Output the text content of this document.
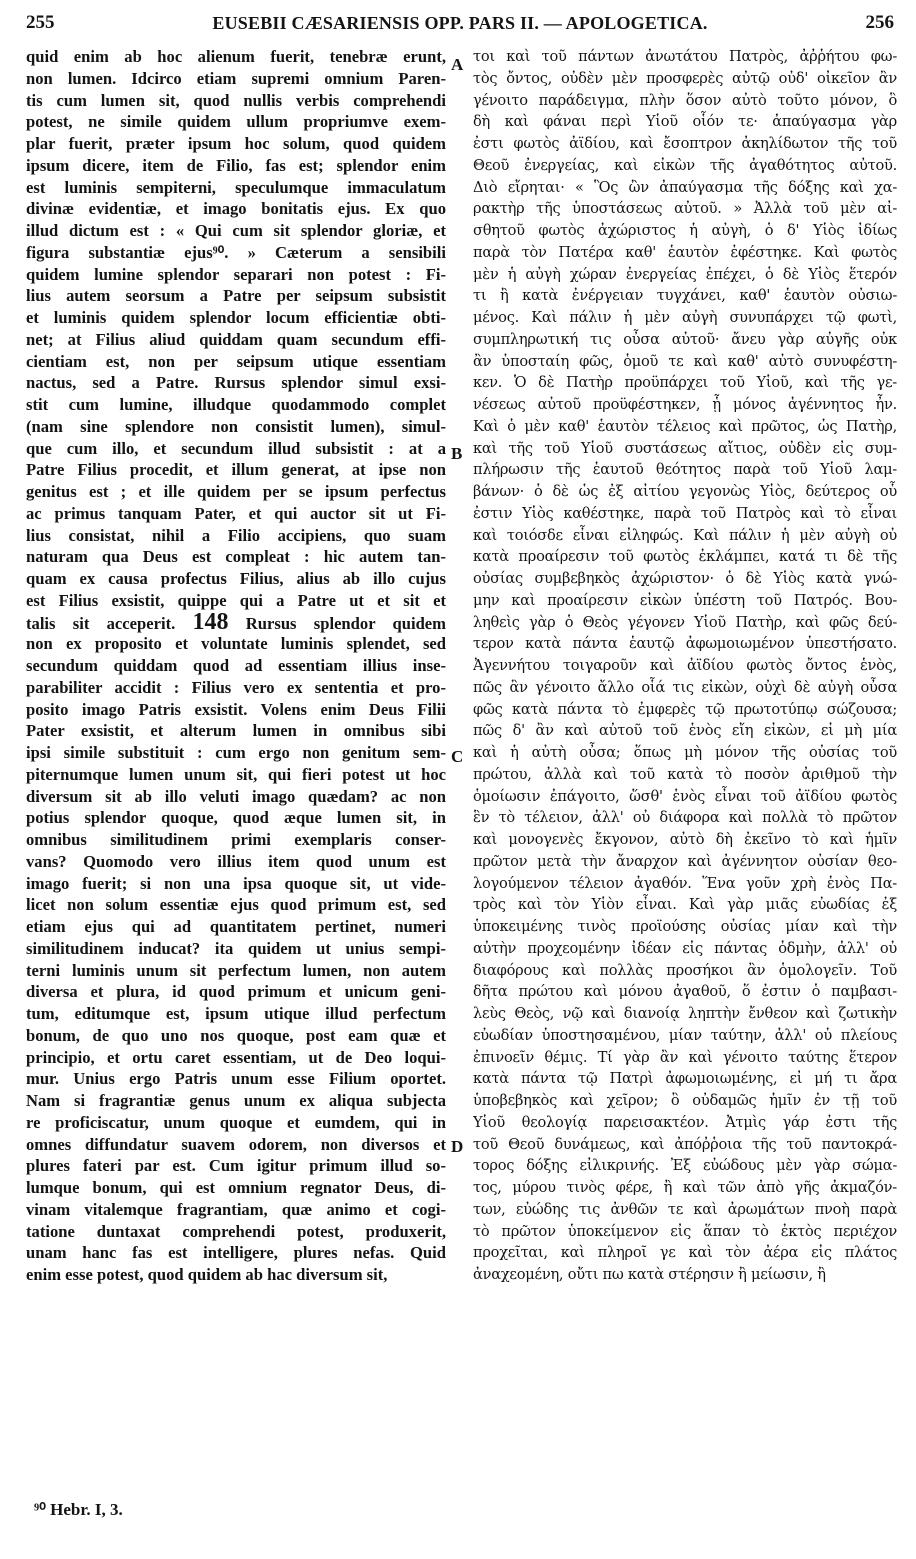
255	EUSEBII CÆSARIENSIS OPP. PARS II. — APOLOGETICA.	256
quid enim ab hoc alienum fuerit, tenebræ erunt,
non lumen. Idcirco etiam supremi omnium Paren-
tis cum lumen sit, quod nullis verbis comprehendi
potest, ne simile quidem ullum propriumve exem-
plar fuerit, præter ipsum hoc solum, quod quidem
ipsum dicere, item de Filio, fas est; splendor enim
est luminis sempiterni, speculumque immaculatum
divinæ evidentiæ, et imago bonitatis ejus. Ex quo
illud dictum est : « Qui cum sit splendor gloriæ, et
figura substantiæ ejus⁹⁰. » Cæterum a sensibili
quidem lumine splendor separari non potest : Fi-
lius autem seorsum a Patre per seipsum subsistit
et luminis quidem splendor locum efficientiæ obti-
net; at Filius aliud quiddam quam secundum effi-
cientiam est, non per seipsum utique essentiam
nactus, sed a Patre. Rursus splendor simul exsi-
stit cum lumine, illudque quodammodo complet
(nam sine splendore non consistit lumen), simul-
que cum illo, et secundum illud subsistit : at a
Patre Filius procedit, et illum generat, at ipse non
genitus est ; et ille quidem per se ipsum perfectus
ac primus tanquam Pater, et qui auctor sit ut Fi-
lius consistat, nihil a Filio accipiens, quo suam
naturam qua Deus est compleat : hic autem tan-
quam ex causa profectus Filius, alius ab illo cujus
est Filius exsistit, quippe qui a Patre ut et sit et
talis sit acceperit. 148 Rursus splendor quidem
non ex proposito et voluntate luminis splendet, sed
secundum quiddam quod ad essentiam illius inse-
parabiliter accidit : Filius vero ex sententia et pro-
posito imago Patris exsistit. Volens enim Deus Filii
Pater exsistit, et alterum lumen in omnibus sibi
ipsi simile substituit : cum ergo non genitum sem-
piternumque lumen unum sit, qui fieri potest ut hoc
diversum sit ab illo veluti imago quædam? ac non
potius splendor quoque, quod æque lumen sit, in
omnibus similitudinem primi exemplaris conser-
vans? Quomodo vero illius item quod unum est
imago fuerit; si non una ipsa quoque sit, ut vide-
licet non solum essentiæ ejus quod primum est, sed
etiam ejus qui ad quantitatem pertinet, numeri
similitudinem inducat? ita quidem ut unius sempi-
terni luminis unum sit perfectum lumen, non autem
diversa et plura, id quod primum et unicum geni-
tum, editumque est, ipsum utique illud perfectum
bonum, de quo uno nos quoque, post eam quæ et
principio, et ortu caret essentiam, ut de Deo loqui-
mur. Unius ergo Patris unum esse Filium oportet.
Nam si fragrantiæ genus unum ex aliqua subjecta
re proficiscatur, unum quoque et eumdem, qui in
omnes diffundatur suavem odorem, non diversos et
plures fateri par est. Cum igitur primum illud so-
lumque bonum, qui est omnium regnator Deus, di-
vinam vitalemque fragrantiam, quæ animo et cogi-
tatione duntaxat comprehendi potest, produxerit,
unam hanc fas est intelligere, plures nefas. Quid
enim esse potest, quod quidem ab hac diversum sit,
τοι καὶ τοῦ πάντων ἀνωτάτου Πατρὸς, ἀῤῥήτου φω-
τὸς ὄντος, οὐδὲν μὲν προσφερὲς αὐτῷ οὐδ' οἰκεῖον ἂν
γένοιτο παράδειγμα, πλὴν ὅσον αὐτὸ τοῦτο μόνον, ὃ
δὴ καὶ φάναι περὶ Υἱοῦ οἷόν τε· ἀπαύγασμα γὰρ
ἐστι φωτὸς ἀϊδίου, καὶ ἔσοπτρον ἀκηλίδωτον τῆς τοῦ
Θεοῦ ἐνεργείας, καὶ εἰκὼν τῆς ἀγαθότητος αὐτοῦ.
Διὸ εἴρηται· « Ὃς ὢν ἀπαύγασμα τῆς δόξης καὶ χα-
ρακτὴρ τῆς ὑποστάσεως αὐτοῦ. » Ἀλλὰ τοῦ μὲν αἰ-
σθητοῦ φωτὸς ἀχώριστος ἡ αὐγὴ, ὁ δ' Υἱὸς ἰδίως
παρὰ τὸν Πατέρα καθ' ἑαυτὸν ἐφέστηκε. Καὶ φωτὸς
μὲν ἡ αὐγὴ χώραν ἐνεργείας ἐπέχει, ὁ δὲ Υἱὸς ἕτερόν
τι ἢ κατὰ ἐνέργειαν τυγχάνει, καθ' ἑαυτὸν οὐσιω-
μένος. Καὶ πάλιν ἡ μὲν αὐγὴ συνυπάρχει τῷ φωτὶ,
συμπληρωτική τις οὖσα αὐτοῦ· ἄνευ γὰρ αὐγῆς οὐκ
ἂν ὑποσταίη φῶς, ὁμοῦ τε καὶ καθ' αὐτὸ συνυφέστη-
κεν. Ὁ δὲ Πατὴρ προϋπάρχει τοῦ Υἱοῦ, καὶ τῆς γε-
νέσεως αὐτοῦ προϋφέστηκεν, ᾗ μόνος ἀγέννητος ἦν.
Καὶ ὁ μὲν καθ' ἑαυτὸν τέλειος καὶ πρῶτος, ὡς Πατὴρ,
καὶ τῆς τοῦ Υἱοῦ συστάσεως αἴτιος, οὐδὲν εἰς συμ-
πλήρωσιν τῆς ἑαυτοῦ θεότητος παρὰ τοῦ Υἱοῦ λαμ-
βάνων· ὁ δὲ ὡς ἐξ αἰτίου γεγονὼς Υἱὸς, δεύτερος οὗ
ἐστιν Υἱὸς καθέστηκε, παρὰ τοῦ Πατρὸς καὶ τὸ εἶναι
καὶ τοιόσδε εἶναι εἰληφώς. Καὶ πάλιν ἡ μὲν αὐγὴ οὐ
κατὰ προαίρεσιν τοῦ φωτὸς ἐκλάμπει, κατά τι δὲ τῆς
οὐσίας συμβεβηκὸς ἀχώριστον· ὁ δὲ Υἱὸς κατὰ γνώ-
μην καὶ προαίρεσιν εἰκὼν ὑπέστη τοῦ Πατρός. Βου-
ληθεὶς γὰρ ὁ Θεὸς γέγονεν Υἱοῦ Πατὴρ, καὶ φῶς δεύ-
τερον κατὰ πάντα ἑαυτῷ ἀφωμοιωμένον ὑπεστήσατο.
Ἀγεννήτου τοιγαροῦν καὶ ἀϊδίου φωτὸς ὄντος ἑνὸς,
πῶς ἂν γένοιτο ἄλλο οἷά τις εἰκὼν, οὐχὶ δὲ αὐγὴ οὖσα
φῶς κατὰ πάντα τὸ ἐμφερὲς τῷ πρωτοτύπῳ σώζουσα;
πῶς δ' ἂν καὶ αὐτοῦ τοῦ ἑνὸς εἴη εἰκὼν, εἰ μὴ μία
καὶ ἡ αὐτὴ οὖσα; ὅπως μὴ μόνον τῆς οὐσίας τοῦ
πρώτου, ἀλλὰ καὶ τοῦ κατὰ τὸ ποσὸν ἀριθμοῦ τὴν
ὁμοίωσιν ἐπάγοιτο, ὥσθ' ἑνὸς εἶναι τοῦ ἀϊδίου φωτὸς
ἓν τὸ τέλειον, ἀλλ' οὐ διάφορα καὶ πολλὰ τὸ πρῶτον
καὶ μονογενὲς ἔκγονον, αὐτὸ δὴ ἐκεῖνο τὸ καὶ ἡμῖν
πρῶτον μετὰ τὴν ἄναρχον καὶ ἀγέννητον οὐσίαν θεο-
λογούμενον τέλειον ἀγαθόν. Ἕνα γοῦν χρὴ ἑνὸς Πα-
τρὸς καὶ τὸν Υἱὸν εἶναι. Καὶ γὰρ μιᾶς εὐωδίας ἐξ
ὑποκειμένης τινὸς προϊούσης οὐσίας μίαν καὶ τὴν
αὐτὴν προχεομένην ἰδέαν εἰς πάντας ὀδμὴν, ἀλλ' οὐ
διαφόρους καὶ πολλὰς προσήκοι ἂν ὁμολογεῖν. Τοῦ
δῆτα πρώτου καὶ μόνου ἀγαθοῦ, ὅ ἐστιν ὁ παμβασι-
λεὺς Θεὸς, νῷ καὶ διανοίᾳ ληπτὴν ἔνθεον καὶ ζωτικὴν
εὐωδίαν ὑποστησαμένου, μίαν ταύτην, ἀλλ' οὐ πλείους
ἐπινοεῖν θέμις. Τί γὰρ ἂν καὶ γένοιτο ταύτης ἕτερον
κατὰ πάντα τῷ Πατρὶ ἀφωμοιωμένης, εἰ μή τι ἄρα
ὑποβεβηκὸς καὶ χεῖρον; ὃ οὐδαμῶς ἡμῖν ἐν τῇ τοῦ
Υἱοῦ θεολογίᾳ παρεισακτέον. Ἀτμὶς γάρ ἐστι τῆς
τοῦ Θεοῦ δυνάμεως, καὶ ἀπόῤῥοια τῆς τοῦ παντοκρά-
τορος δόξης εἰλικρινής. Ἐξ εὐώδους μὲν γὰρ σώμα-
τος, μύρου τινὸς φέρε, ἢ καὶ τῶν ἀπὸ γῆς ἀκμαζόν-
των, εὐώδης τις ἀνθῶν τε καὶ ἀρωμάτων πνοὴ παρὰ
τὸ πρῶτον ὑποκείμενον εἰς ἅπαν τὸ ἐκτὸς περιέχον
προχεῖται, καὶ πληροῖ γε καὶ τὸν ἀέρα εἰς πλάτος
ἀναχεομένη, οὔτι πω κατὰ στέρησιν ἢ μείωσιν, ἢ
A
B
C
D
⁹⁰ Hebr. I, 3.
